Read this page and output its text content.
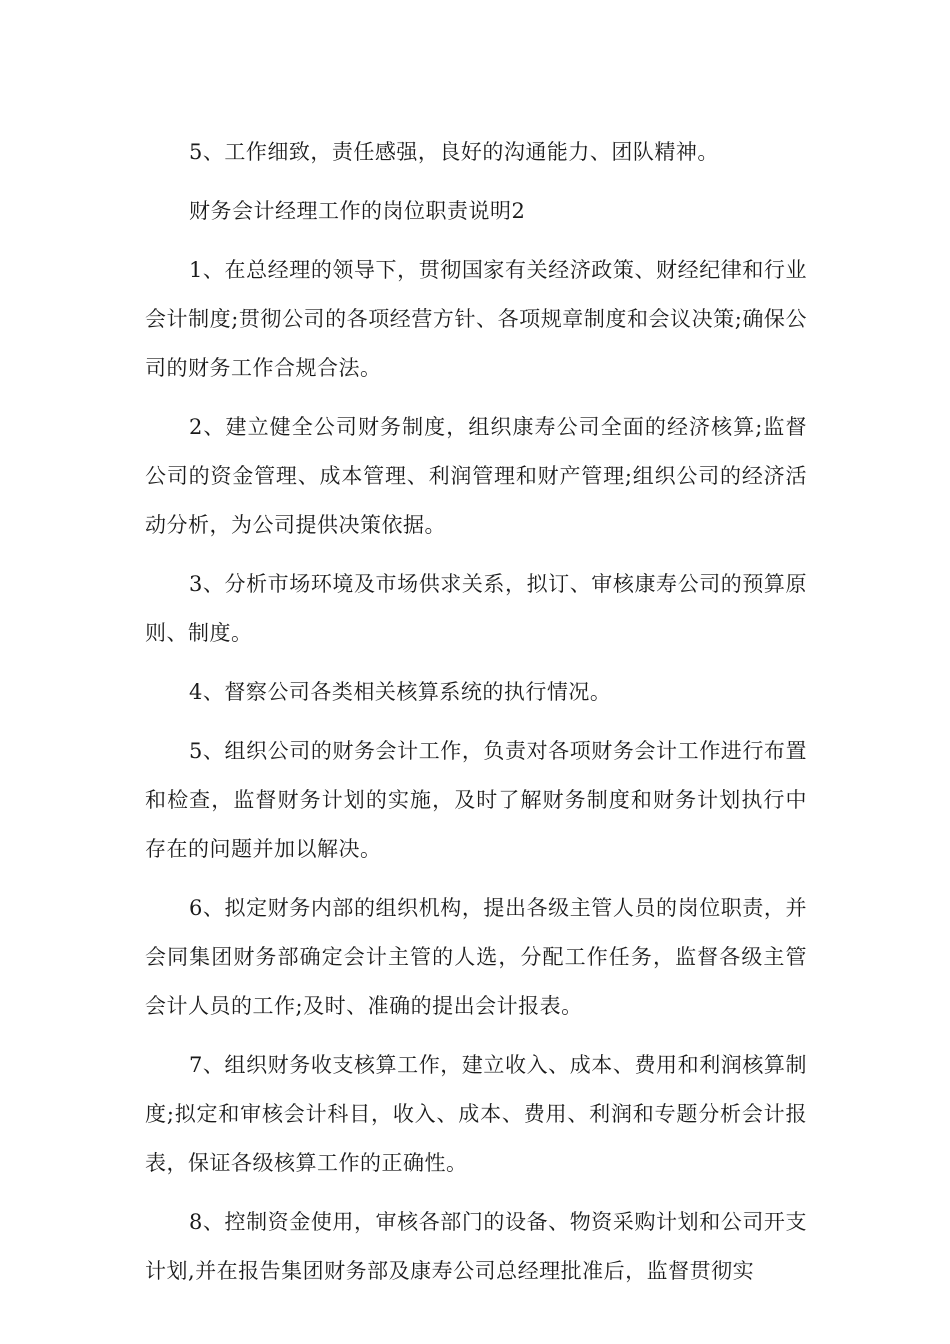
5、工作细致，责任感强，良好的沟通能力、团队精神。

财务会计经理工作的岗位职责说明2

1、在总经理的领导下，贯彻国家有关经济政策、财经纪律和行业会计制度;贯彻公司的各项经营方针、各项规章制度和会议决策;确保公司的财务工作合规合法。

2、建立健全公司财务制度，组织康寿公司全面的经济核算;监督公司的资金管理、成本管理、利润管理和财产管理;组织公司的经济活动分析，为公司提供决策依据。

3、分析市场环境及市场供求关系，拟订、审核康寿公司的预算原则、制度。

4、督察公司各类相关核算系统的执行情况。

5、组织公司的财务会计工作，负责对各项财务会计工作进行布置和检查，监督财务计划的实施，及时了解财务制度和财务计划执行中存在的问题并加以解决。

6、拟定财务内部的组织机构，提出各级主管人员的岗位职责，并会同集团财务部确定会计主管的人选，分配工作任务，监督各级主管会计人员的工作;及时、准确的提出会计报表。

7、组织财务收支核算工作，建立收入、成本、费用和利润核算制度;拟定和审核会计科目，收入、成本、费用、利润和专题分析会计报表，保证各级核算工作的正确性。

8、控制资金使用，审核各部门的设备、物资采购计划和公司开支计划,并在报告集团财务部及康寿公司总经理批准后，监督贯彻实
